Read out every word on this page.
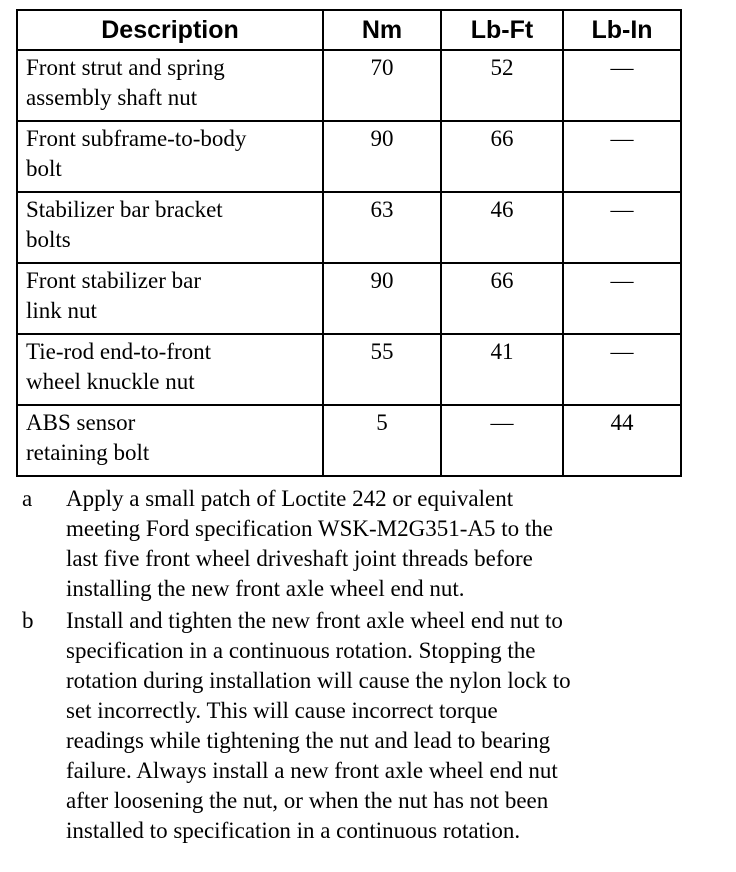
Description	Nm	Lb-Ft	Lb-In
Front strut and spring
assembly shaft nut	70	52	—
Front subframe-to-body
bolt	90	66	—
Stabilizer bar bracket
bolts	63	46	—
Front stabilizer bar
link nut	90	66	—
Tie-rod end-to-front
wheel knuckle nut	55	41	—
ABS sensor
retaining bolt	5	—	44
a	Apply a small patch of Loctite 242 or equivalent
meeting Ford specification WSK-M2G351-A5 to the
last five front wheel driveshaft joint threads before
installing the new front axle wheel end nut.
b	Install and tighten the new front axle wheel end nut to
specification in a continuous rotation. Stopping the
rotation during installation will cause the nylon lock to
set incorrectly. This will cause incorrect torque
readings while tightening the nut and lead to bearing
failure. Always install a new front axle wheel end nut
after loosening the nut, or when the nut has not been
installed to specification in a continuous rotation.
